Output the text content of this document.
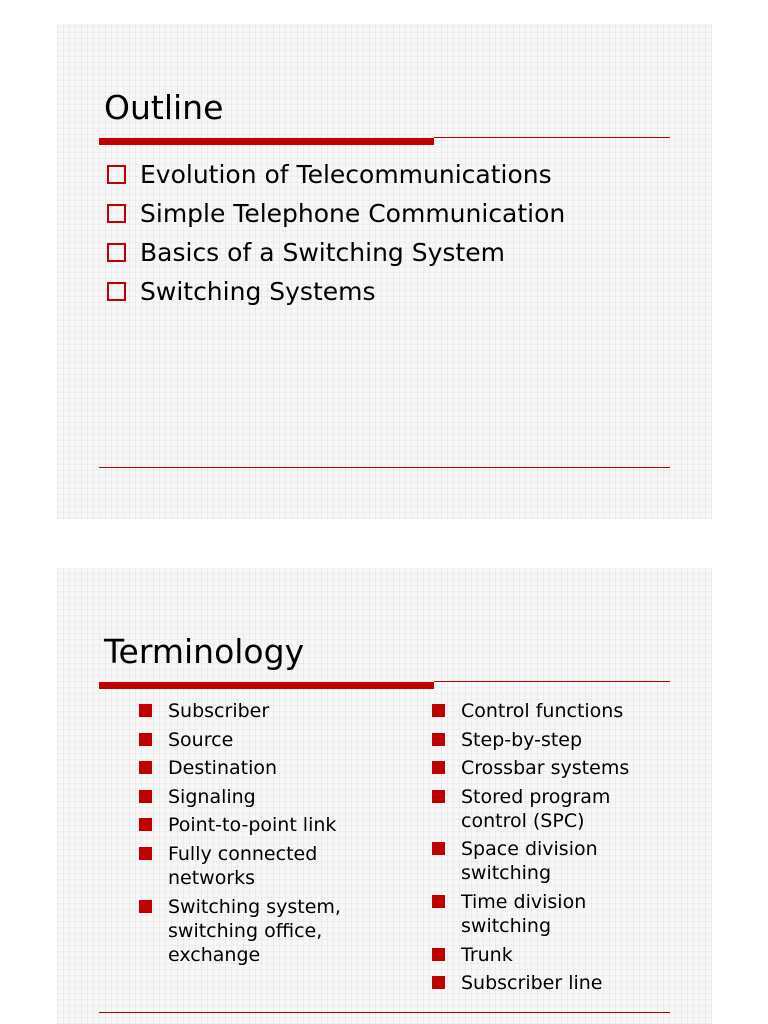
Outline
Evolution of Telecommunications
Simple Telephone Communication
Basics of a Switching System
Switching Systems
Terminology
Subscriber
Source
Destination
Signaling
Point-to-point link
Fully connected networks
Switching system, switching office, exchange
Control functions
Step-by-step
Crossbar systems
Stored program control (SPC)
Space division switching
Time division switching
Trunk
Subscriber line
